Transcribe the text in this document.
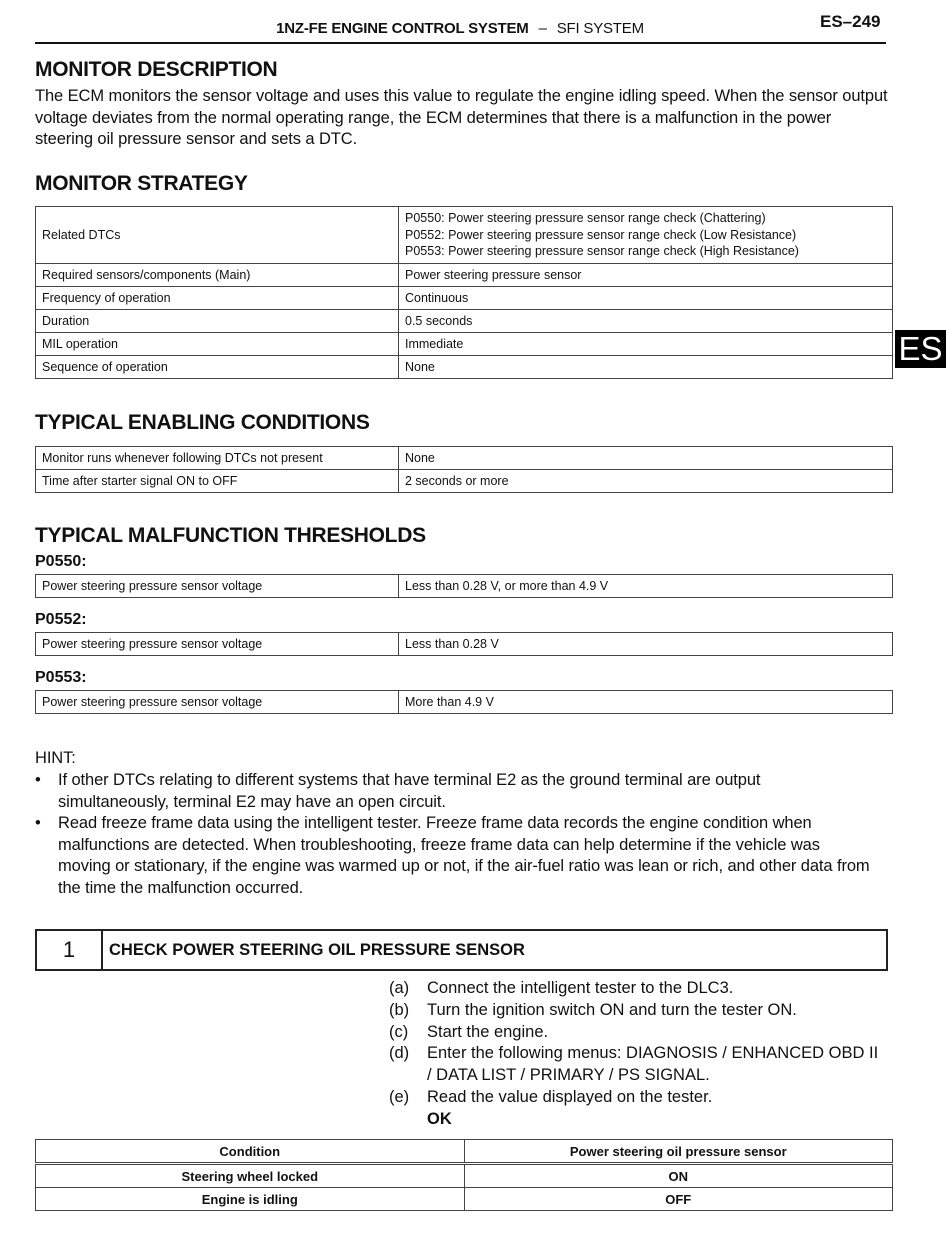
1NZ-FE ENGINE CONTROL SYSTEM – SFI SYSTEM	ES–249
ES
MONITOR DESCRIPTION
The ECM monitors the sensor voltage and uses this value to regulate the engine idling speed. When the sensor output voltage deviates from the normal operating range, the ECM determines that there is a malfunction in the power steering oil pressure sensor and sets a DTC.
MONITOR STRATEGY
Related DTCs	P0550: Power steering pressure sensor range check (Chattering)
P0552: Power steering pressure sensor range check (Low Resistance)
P0553: Power steering pressure sensor range check (High Resistance)

Required sensors/components (Main)	Power steering pressure sensor
Frequency of operation	Continuous
Duration	0.5 seconds
MIL operation	Immediate
Sequence of operation	None
TYPICAL ENABLING CONDITIONS
Monitor runs whenever following DTCs not present	None
Time after starter signal ON to OFF	2 seconds or more
TYPICAL MALFUNCTION THRESHOLDS
P0550:
Power steering pressure sensor voltage	Less than 0.28 V, or more than 4.9 V
P0552:
Power steering pressure sensor voltage	Less than 0.28 V
P0553:
Power steering pressure sensor voltage	More than 4.9 V
HINT:
• If other DTCs relating to different systems that have terminal E2 as the ground terminal are output simultaneously, terminal E2 may have an open circuit.
• Read freeze frame data using the intelligent tester. Freeze frame data records the engine condition when malfunctions are detected. When troubleshooting, freeze frame data can help determine if the vehicle was moving or stationary, if the engine was warmed up or not, if the air-fuel ratio was lean or rich, and other data from the time the malfunction occurred.
1	CHECK POWER STEERING OIL PRESSURE SENSOR
(a)	Connect the intelligent tester to the DLC3.
(b)	Turn the ignition switch ON and turn the tester ON.
(c)	Start the engine.
(d)	Enter the following menus: DIAGNOSIS / ENHANCED OBD II / DATA LIST / PRIMARY / PS SIGNAL.
(e)	Read the value displayed on the tester.
OK
Condition	Power steering oil pressure sensor
Steering wheel locked	ON
Engine is idling	OFF
